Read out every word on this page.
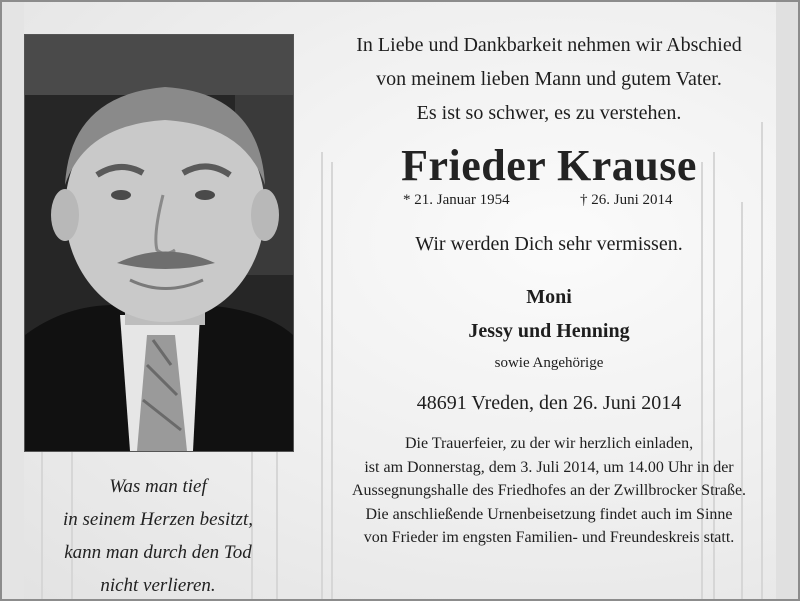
Was man tief
in seinem Herzen besitzt,
kann man durch den Tod
nicht verlieren.
In Liebe und Dankbarkeit nehmen wir Abschied
von meinem lieben Mann und gutem Vater.
Es ist so schwer, es zu verstehen.
Frieder Krause
* 21. Januar 1954	† 26. Juni 2014
Wir werden Dich sehr vermissen.
Moni
Jessy und Henning
sowie Angehörige
48691 Vreden, den 26. Juni 2014
Die Trauerfeier, zu der wir herzlich einladen,
ist am Donnerstag, dem 3. Juli 2014, um 14.00 Uhr in der
Aussegnungshalle des Friedhofes an der Zwillbrocker Straße.
Die anschließende Urnenbeisetzung findet auch im Sinne
von Frieder im engsten Familien- und Freundeskreis statt.
